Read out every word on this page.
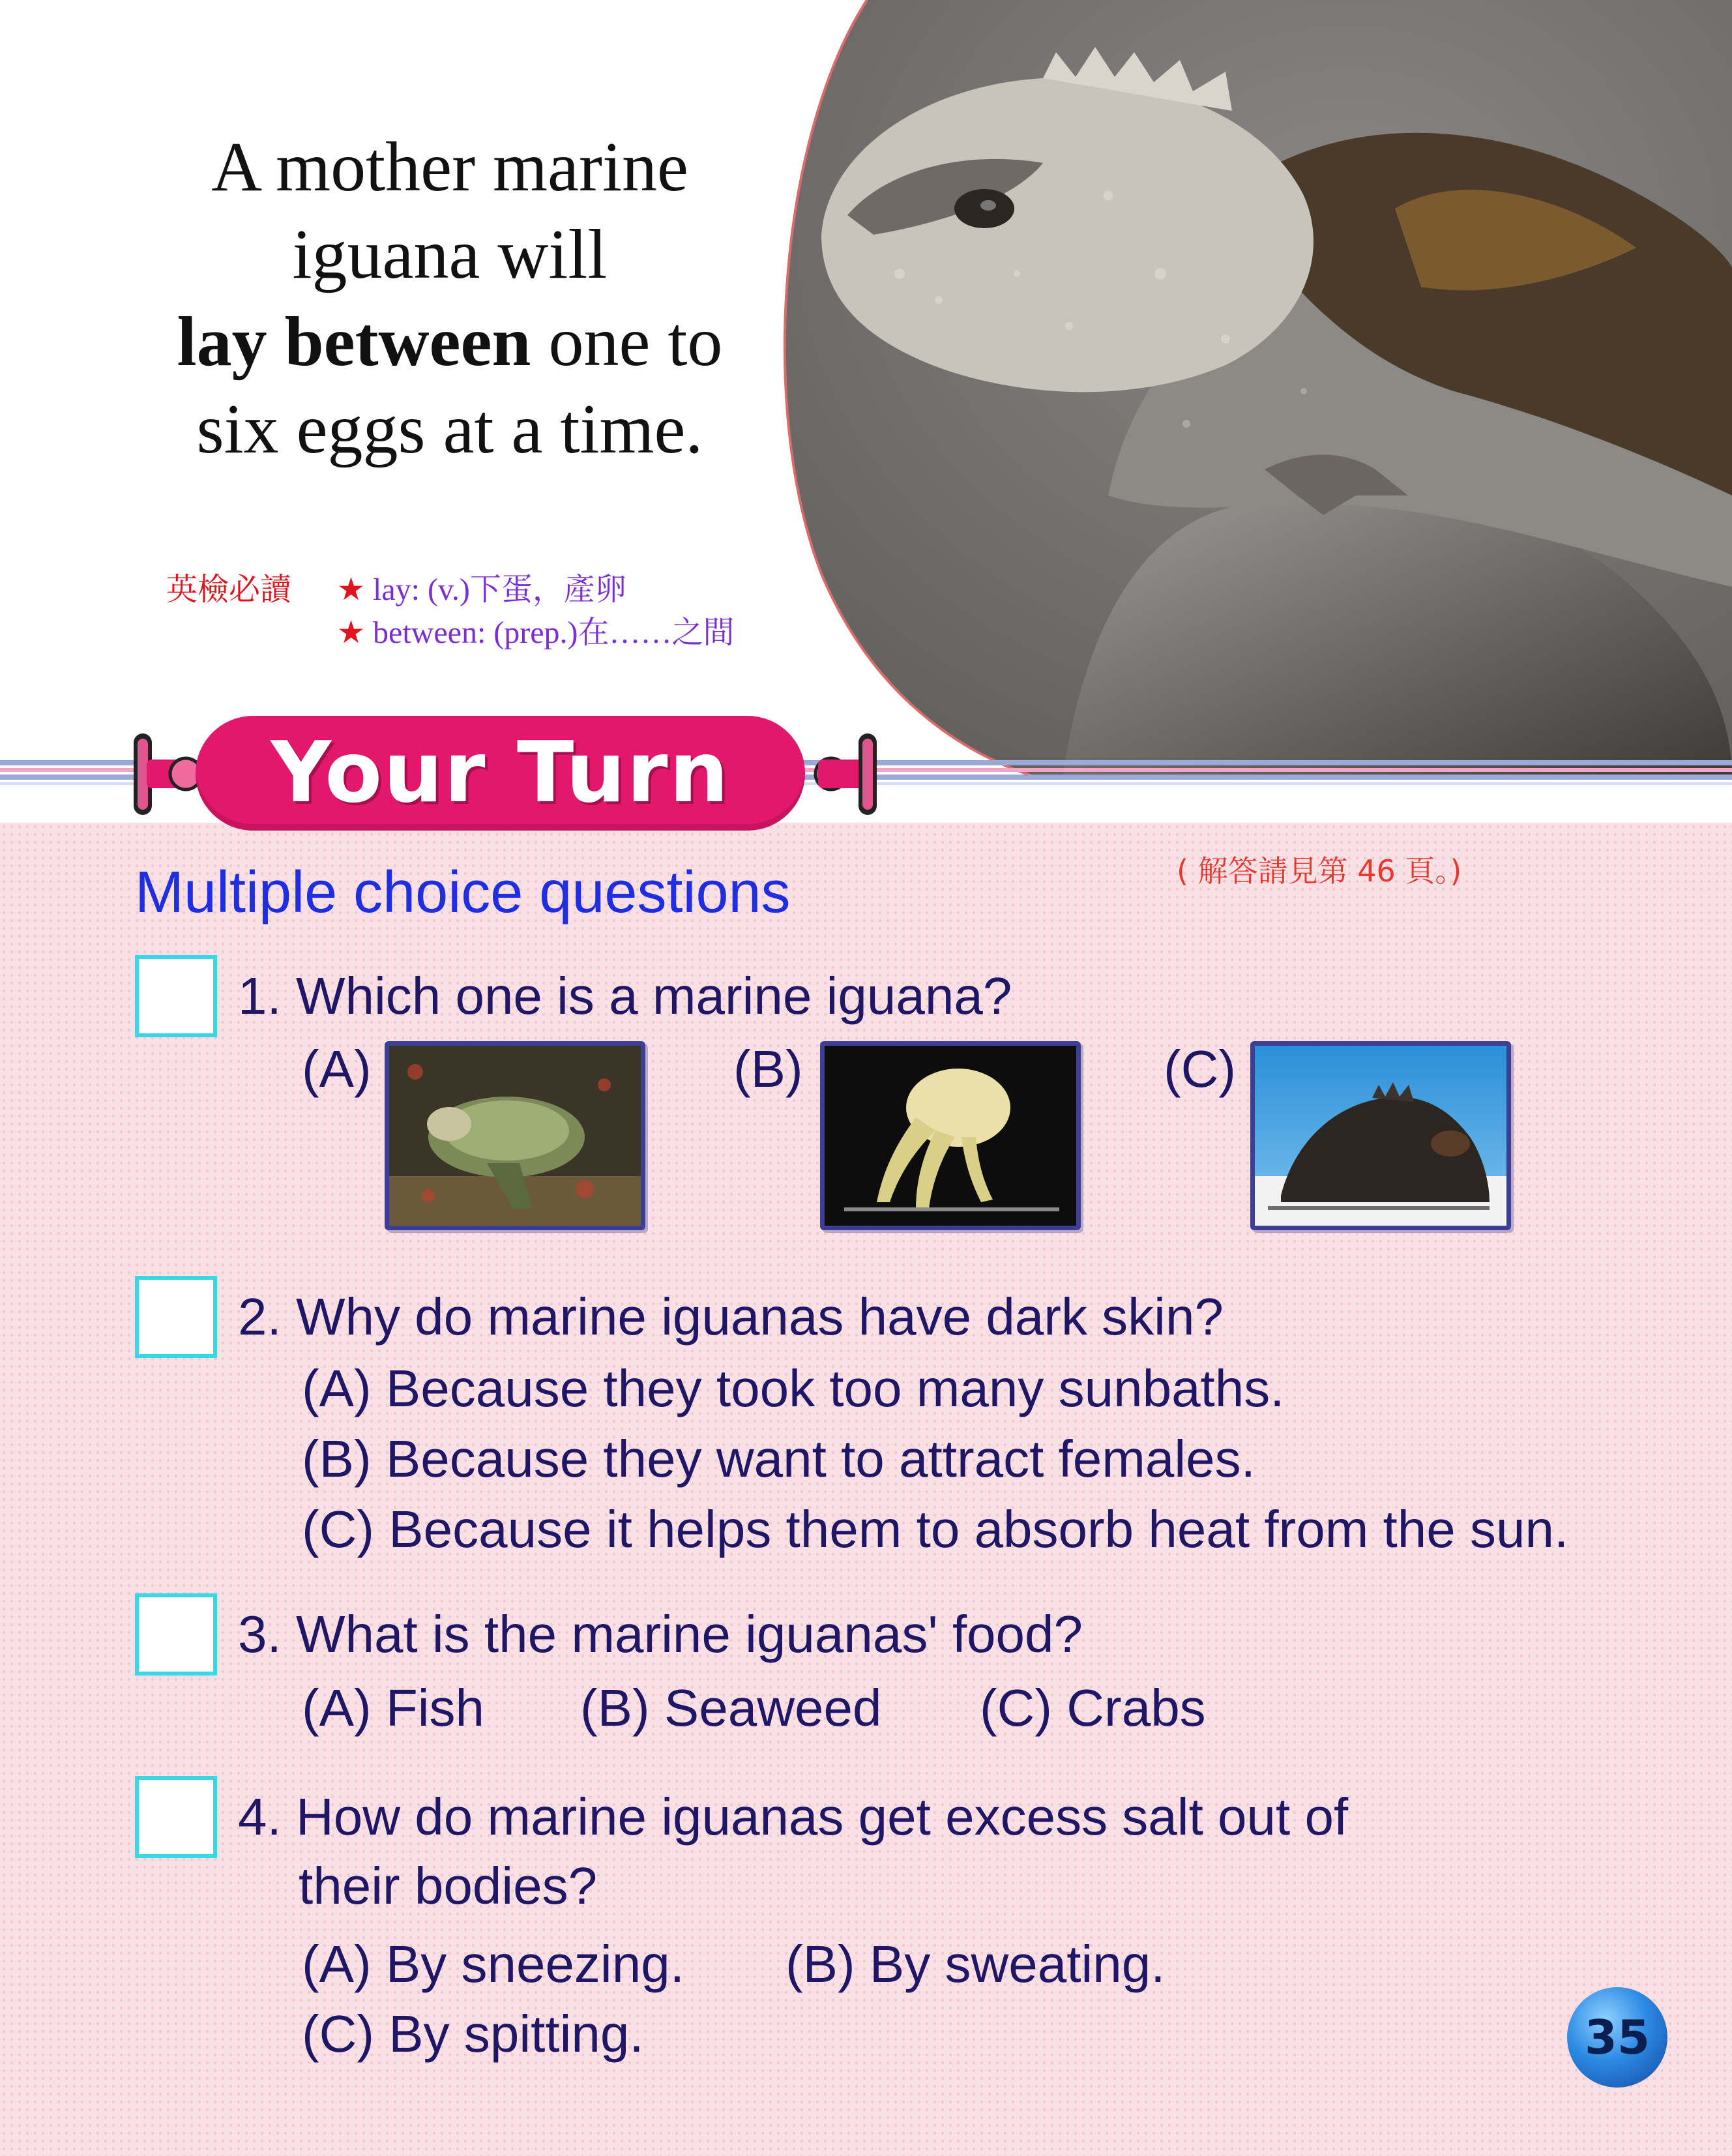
A mother marine
iguana will
lay between one to
six eggs at a time.
英檢必讀 ★ lay: (v.)下蛋，產卵
★ between: (prep.)在……之間
Your Turn
( 解答請見第 46 頁。)
Multiple choice questions
1. Which one is a marine iguana?
(A)	(B)	(C)
2. Why do marine iguanas have dark skin?
(A) Because they took too many sunbaths.
(B) Because they want to attract females.
(C) Because it helps them to absorb heat from the sun.
3. What is the marine iguanas' food?
(A) Fish (B) Seaweed (C) Crabs
4. How do marine iguanas get excess salt out of
their bodies?
(A) By sneezing. (B) By sweating.
(C) By spitting.	35
